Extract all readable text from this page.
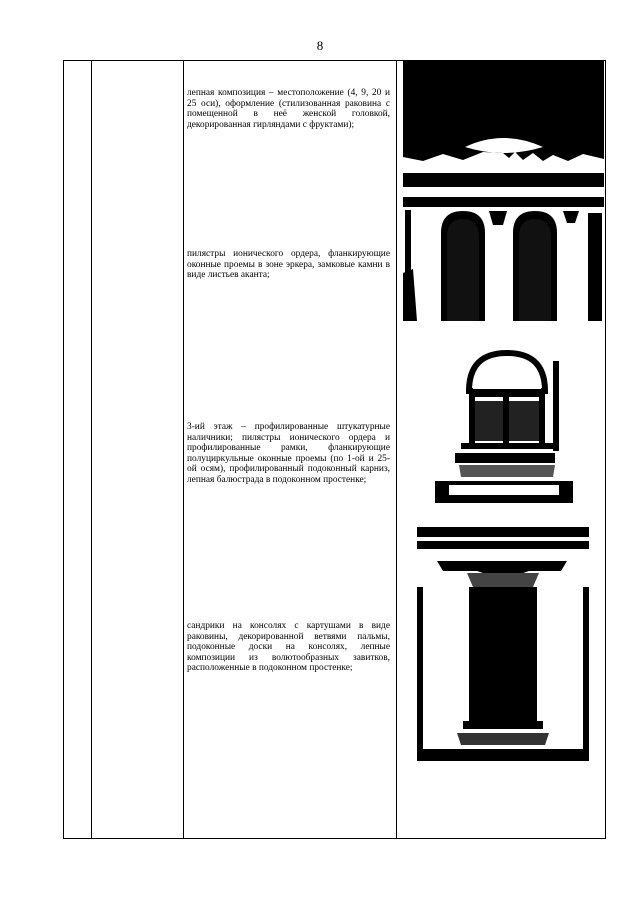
8
лепная композиция – местоположение (4, 9, 20 и 25 оси), оформление (стилизованная раковина с помещенной в неё женской головкой, декорированная гирляндами с фруктами);
пилястры ионического ордера, фланкирующие оконные проемы в зоне эркера, замковые камни в виде листьев аканта;
3-ий этаж – профилированные штукатурные наличники; пилястры ионического ордера и профилированные рамки, фланкирующие полуциркульные оконные проемы (по 1-ой и 25-ой осям), профилированный подоконный карниз, лепная балюстрада в подоконном простенке;
сандрики на консолях с картушами в виде раковины, декорированной ветвями пальмы, подоконные доски на консолях, лепные композиции из волютообразных завитков, расположенные в подоконном простенке;
